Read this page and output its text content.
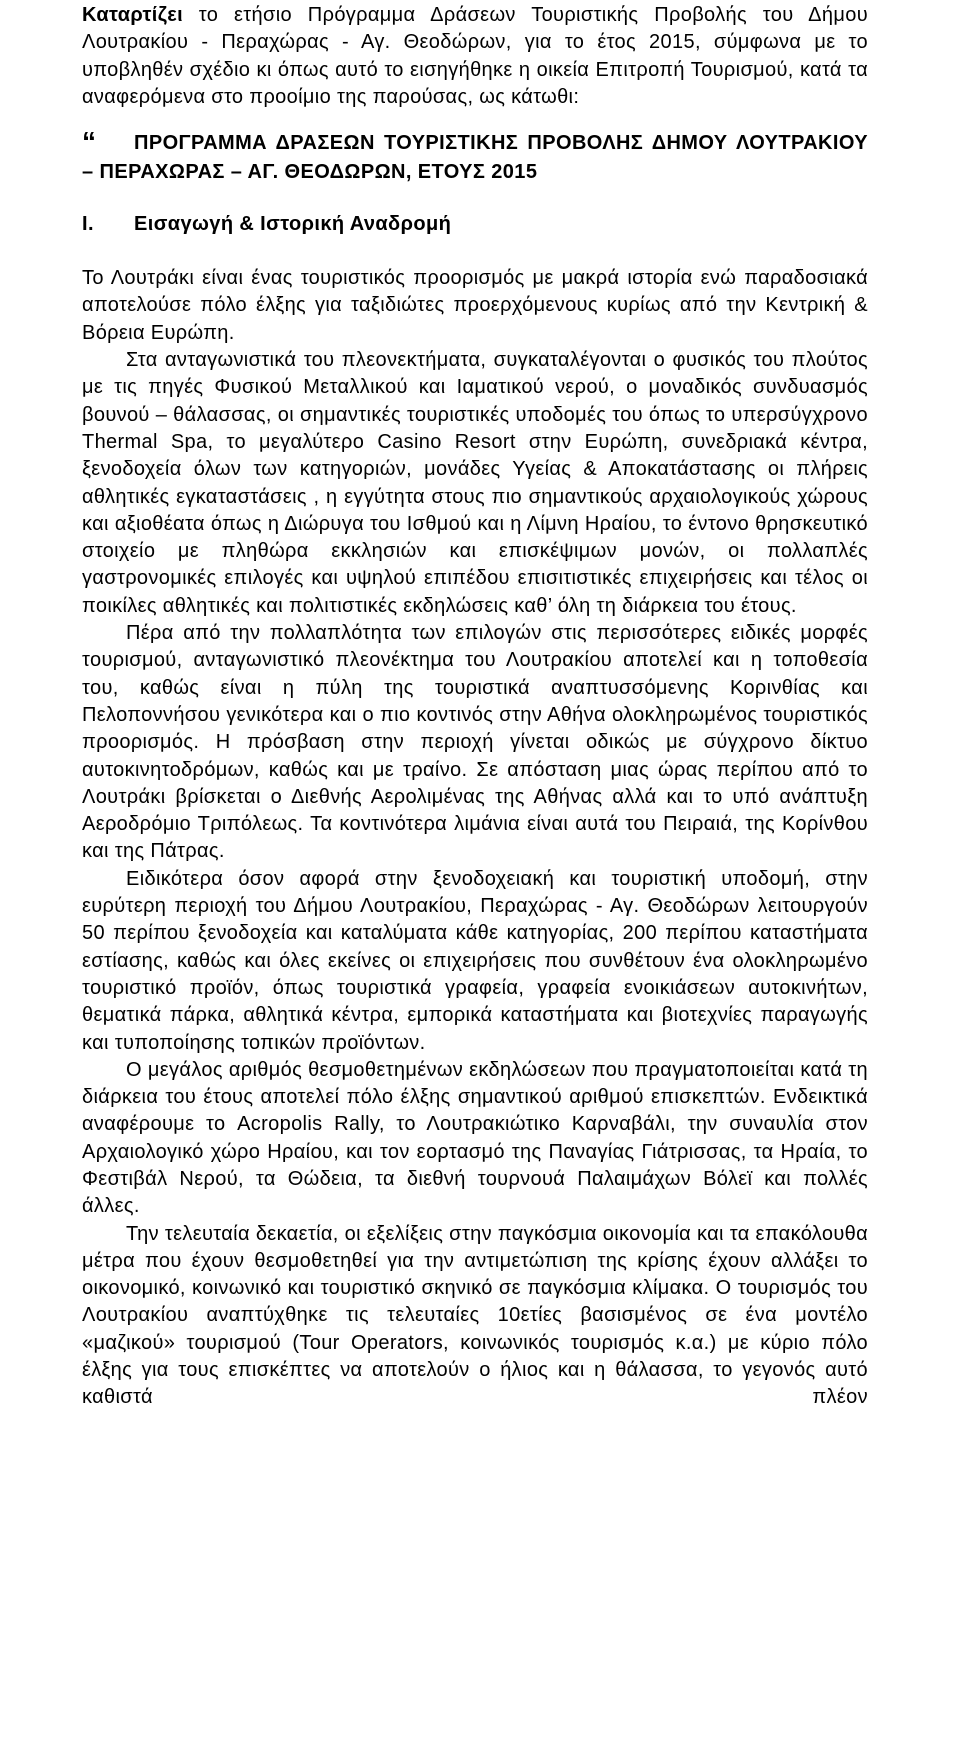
Καταρτίζει το ετήσιο Πρόγραμμα Δράσεων Τουριστικής Προβολής του Δήμου Λουτρακίου - Περαχώρας - Αγ. Θεοδώρων, για το έτος 2015, σύμφωνα με το υποβληθέν σχέδιο κι όπως αυτό το εισηγήθηκε η οικεία Επιτροπή Τουρισμού, κατά τα αναφερόμενα στο προοίμιο της παρούσας, ως κάτωθι:

“ ΠΡΟΓΡΑΜΜΑ ΔΡΑΣΕΩΝ ΤΟΥΡΙΣΤΙΚΗΣ ΠΡΟΒΟΛΗΣ ΔΗΜΟΥ ΛΟΥΤΡΑΚΙΟΥ – ΠΕΡΑΧΩΡΑΣ – ΑΓ. ΘΕΟΔΩΡΩΝ, ΕΤΟΥΣ 2015
Ι. Εισαγωγή & Ιστορική Αναδρομή

Το Λουτράκι είναι ένας τουριστικός προορισμός με μακρά ιστορία ενώ παραδοσιακά αποτελούσε πόλο έλξης για ταξιδιώτες προερχόμενους κυρίως από την Κεντρική & Βόρεια Ευρώπη.

Στα ανταγωνιστικά του πλεονεκτήματα, συγκαταλέγονται ο φυσικός του πλούτος με τις πηγές Φυσικού Μεταλλικού και Ιαματικού νερού, ο μοναδικός συνδυασμός βουνού – θάλασσας, οι σημαντικές τουριστικές υποδομές του όπως το υπερσύγχρονο Thermal Spa, το μεγαλύτερο Casino Resort στην Ευρώπη, συνεδριακά κέντρα, ξενοδοχεία όλων των κατηγοριών, μονάδες Υγείας & Αποκατάστασης οι πλήρεις αθλητικές εγκαταστάσεις , η εγγύτητα στους πιο σημαντικούς αρχαιολογικούς χώρους και αξιοθέατα όπως η Διώρυγα του Ισθμού και η Λίμνη Ηραίου, το έντονο θρησκευτικό στοιχείο με πληθώρα εκκλησιών και επισκέψιμων μονών, οι πολλαπλές γαστρονομικές επιλογές και υψηλού επιπέδου επισιτιστικές επιχειρήσεις και τέλος οι ποικίλες αθλητικές και πολιτιστικές εκδηλώσεις καθ’ όλη τη διάρκεια του έτους.

Πέρα από την πολλαπλότητα των επιλογών στις περισσότερες ειδικές μορφές τουρισμού, ανταγωνιστικό πλεονέκτημα του Λουτρακίου αποτελεί και η τοποθεσία του, καθώς είναι η πύλη της τουριστικά αναπτυσσόμενης Κορινθίας και Πελοποννήσου γενικότερα και ο πιο κοντινός στην Αθήνα ολοκληρωμένος τουριστικός προορισμός. Η πρόσβαση στην περιοχή γίνεται οδικώς με σύγχρονο δίκτυο αυτοκινητοδρόμων, καθώς και με τραίνο. Σε απόσταση μιας ώρας περίπου από το Λουτράκι βρίσκεται ο Διεθνής Αερολιμένας της Αθήνας αλλά και το υπό ανάπτυξη Αεροδρόμιο Τριπόλεως. Τα κοντινότερα λιμάνια είναι αυτά του Πειραιά, της Κορίνθου και της Πάτρας.

Ειδικότερα όσον αφορά στην ξενοδοχειακή και τουριστική υποδομή, στην ευρύτερη περιοχή του Δήμου Λουτρακίου, Περαχώρας - Αγ. Θεοδώρων λειτουργούν 50 περίπου ξενοδοχεία και καταλύματα κάθε κατηγορίας, 200 περίπου καταστήματα εστίασης, καθώς και όλες εκείνες οι επιχειρήσεις που συνθέτουν ένα ολοκληρωμένο τουριστικό προϊόν, όπως τουριστικά γραφεία, γραφεία ενοικιάσεων αυτοκινήτων, θεματικά πάρκα, αθλητικά κέντρα, εμπορικά καταστήματα και βιοτεχνίες παραγωγής και τυποποίησης τοπικών προϊόντων.

Ο μεγάλος αριθμός θεσμοθετημένων εκδηλώσεων που πραγματοποιείται κατά τη διάρκεια του έτους αποτελεί πόλο έλξης σημαντικού αριθμού επισκεπτών. Ενδεικτικά αναφέρουμε το Acropolis Rally, το Λουτρακιώτικο Καρναβάλι, την συναυλία στον Αρχαιολογικό χώρο Ηραίου, και τον εορτασμό της Παναγίας Γιάτρισσας, τα Ηραία, το Φεστιβάλ Νερού, τα Θώδεια, τα διεθνή τουρνουά Παλαιμάχων Βόλεϊ και πολλές άλλες.

Την τελευταία δεκαετία, οι εξελίξεις στην παγκόσμια οικονομία και τα επακόλουθα μέτρα που έχουν θεσμοθετηθεί για την αντιμετώπιση της κρίσης έχουν αλλάξει το οικονομικό, κοινωνικό και τουριστικό σκηνικό σε παγκόσμια κλίμακα. Ο τουρισμός του Λουτρακίου αναπτύχθηκε τις τελευταίες 10ετίες βασισμένος σε ένα μοντέλο «μαζικού» τουρισμού (Tour Operators, κοινωνικός τουρισμός κ.α.) με κύριο πόλο έλξης για τους επισκέπτες να αποτελούν ο ήλιος και η θάλασσα, το γεγονός αυτό καθιστά πλέον
